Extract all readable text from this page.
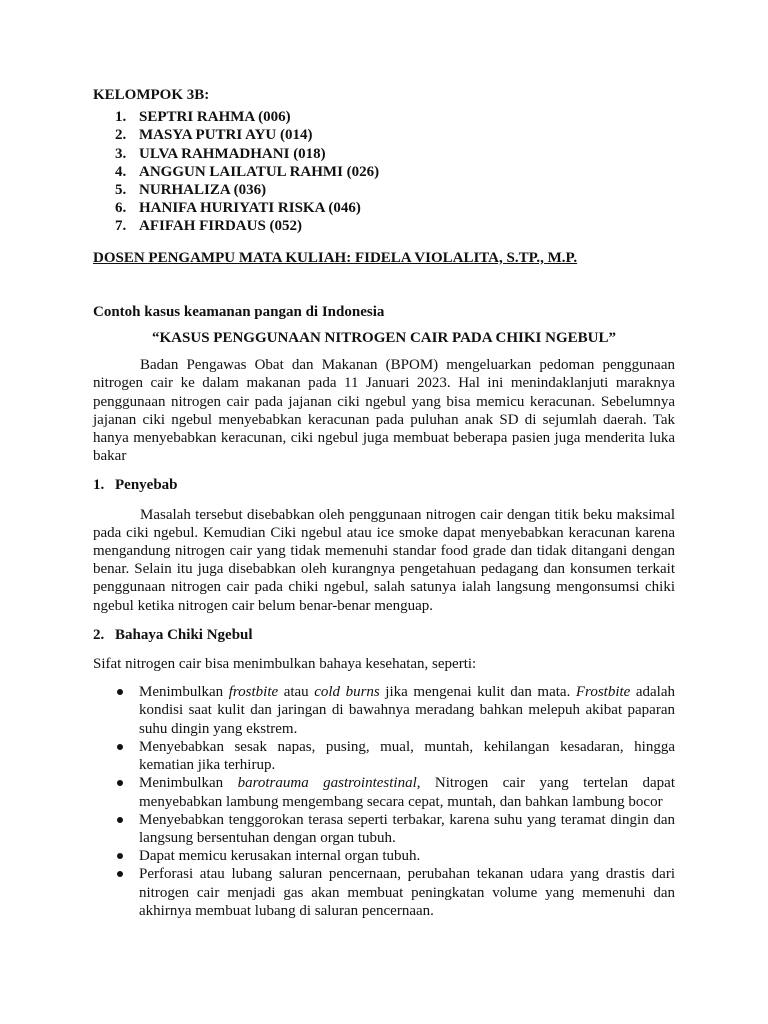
KELOMPOK 3B:

1. SEPTRI RAHMA (006)
2. MASYA PUTRI AYU (014)
3. ULVA RAHMADHANI (018)
4. ANGGUN LAILATUL RAHMI (026)
5. NURHALIZA (036)
6. HANIFA HURIYATI RISKA (046)
7. AFIFAH FIRDAUS (052)

DOSEN PENGAMPU MATA KULIAH: FIDELA VIOLALITA, S.TP., M.P.

Contoh kasus keamanan pangan di Indonesia

“KASUS PENGGUNAAN NITROGEN CAIR PADA CHIKI NGEBUL”

Badan Pengawas Obat dan Makanan (BPOM) mengeluarkan pedoman penggunaan nitrogen cair ke dalam makanan pada 11 Januari 2023. Hal ini menindaklanjuti maraknya penggunaan nitrogen cair pada jajanan ciki ngebul yang bisa memicu keracunan. Sebelumnya jajanan ciki ngebul menyebabkan keracunan pada puluhan anak SD di sejumlah daerah. Tak hanya menyebabkan keracunan, ciki ngebul juga membuat beberapa pasien juga menderita luka bakar

1. Penyebab

Masalah tersebut disebabkan oleh penggunaan nitrogen cair dengan titik beku maksimal pada ciki ngebul. Kemudian Ciki ngebul atau ice smoke dapat menyebabkan keracunan karena mengandung nitrogen cair yang tidak memenuhi standar food grade dan tidak ditangani dengan benar. Selain itu juga disebabkan oleh kurangnya pengetahuan pedagang dan konsumen terkait penggunaan nitrogen cair pada chiki ngebul, salah satunya ialah langsung mengonsumsi chiki ngebul ketika nitrogen cair belum benar-benar menguap.

2. Bahaya Chiki Ngebul

Sifat nitrogen cair bisa menimbulkan bahaya kesehatan, seperti:

Menimbulkan frostbite atau cold burns jika mengenai kulit dan mata. Frostbite adalah kondisi saat kulit dan jaringan di bawahnya meradang bahkan melepuh akibat paparan suhu dingin yang ekstrem.
Menyebabkan sesak napas, pusing, mual, muntah, kehilangan kesadaran, hingga kematian jika terhirup.
Menimbulkan barotrauma gastrointestinal, Nitrogen cair yang tertelan dapat menyebabkan lambung mengembang secara cepat, muntah, dan bahkan lambung bocor
Menyebabkan tenggorokan terasa seperti terbakar, karena suhu yang teramat dingin dan langsung bersentuhan dengan organ tubuh.
Dapat memicu kerusakan internal organ tubuh.
Perforasi atau lubang saluran pencernaan, perubahan tekanan udara yang drastis dari nitrogen cair menjadi gas akan membuat peningkatan volume yang memenuhi dan akhirnya membuat lubang di saluran pencernaan.
